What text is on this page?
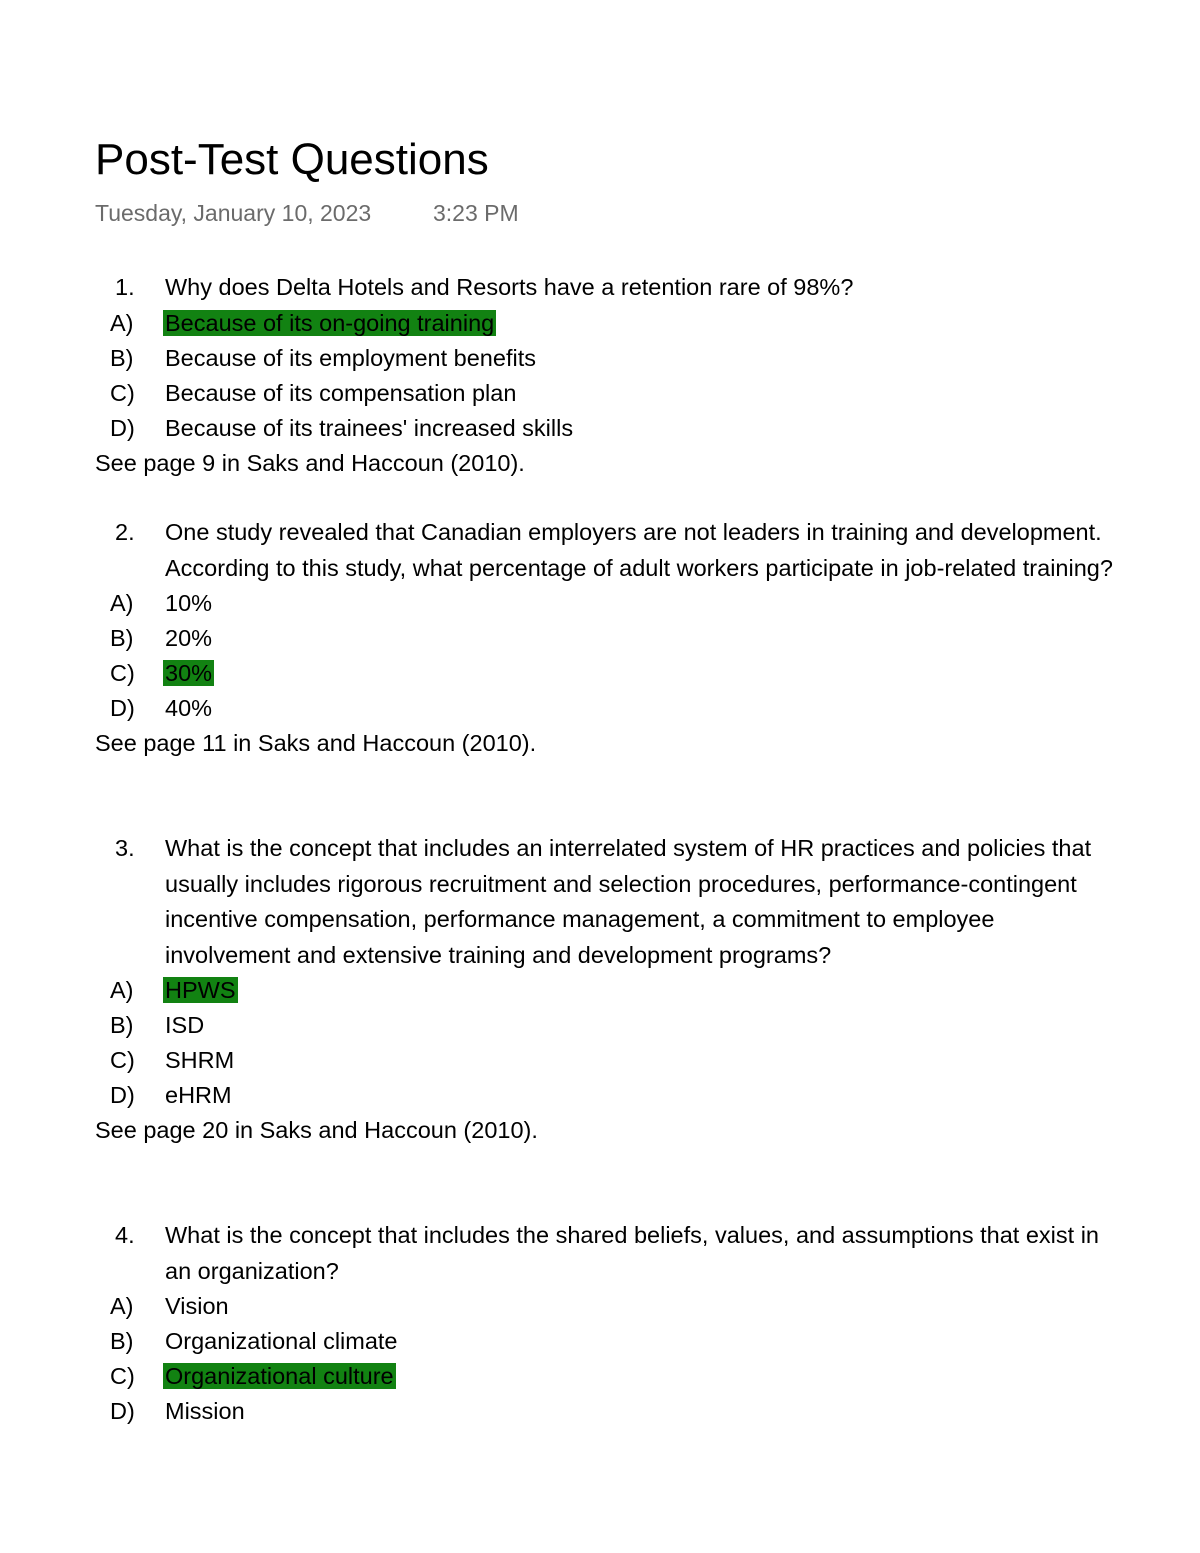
Post-Test Questions
Tuesday, January 10, 2023	3:23 PM
1. Why does Delta Hotels and Resorts have a retention rare of 98%?
A)	Because of its on-going training
B)	Because of its employment benefits
C)	Because of its compensation plan
D)	Because of its trainees' increased skills
See page 9 in Saks and Haccoun (2010).
2. One study revealed that Canadian employers are not leaders in training and development. According to this study, what percentage of adult workers participate in job-related training?
A)	10%
B)	20%
C)	30%
D)	40%
See page 11 in Saks and Haccoun (2010).
3. What is the concept that includes an interrelated system of HR practices and policies that usually includes rigorous recruitment and selection procedures, performance-contingent incentive compensation, performance management, a commitment to employee involvement and extensive training and development programs?
A)	HPWS
B)	ISD
C)	SHRM
D)	eHRM
See page 20 in Saks and Haccoun (2010).
4. What is the concept that includes the shared beliefs, values, and assumptions that exist in an organization?
A)	Vision
B)	Organizational climate
C)	Organizational culture
D)	Mission
